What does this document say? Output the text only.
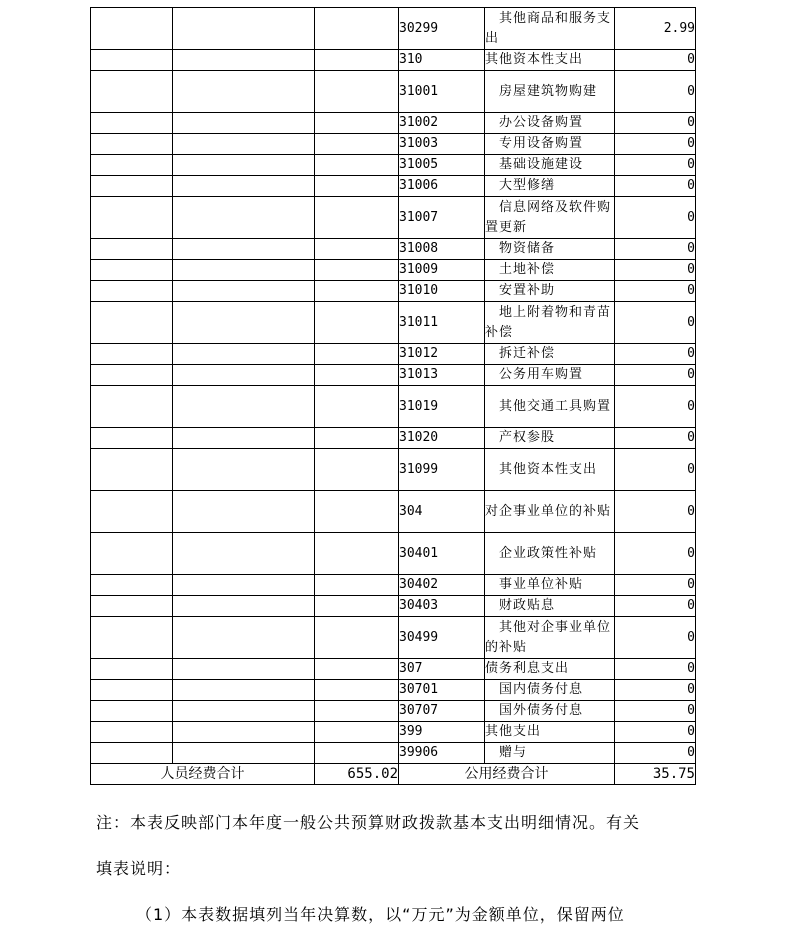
			30299	其他商品和服务支出	2.99
			310	其他资本性支出	0
			31001	房屋建筑物购建	0
			31002	办公设备购置	0
			31003	专用设备购置	0
			31005	基础设施建设	0
			31006	大型修缮	0
			31007	信息网络及软件购置更新	0
			31008	物资储备	0
			31009	土地补偿	0
			31010	安置补助	0
			31011	地上附着物和青苗补偿	0
			31012	拆迁补偿	0
			31013	公务用车购置	0
			31019	其他交通工具购置	0
			31020	产权参股	0
			31099	其他资本性支出	0
			304	对企事业单位的补贴	0
			30401	企业政策性补贴	0
			30402	事业单位补贴	0
			30403	财政贴息	0
			30499	其他对企事业单位的补贴	0
			307	债务利息支出	0
			30701	国内债务付息	0
			30707	国外债务付息	0
			399	其他支出	0
			39906	赠与	0
人员经费合计		655.02	公用经费合计		35.75

注：本表反映部门本年度一般公共预算财政拨款基本支出明细情况。有关

填表说明：

（1）本表数据填列当年决算数，以“万元”为金额单位，保留两位
